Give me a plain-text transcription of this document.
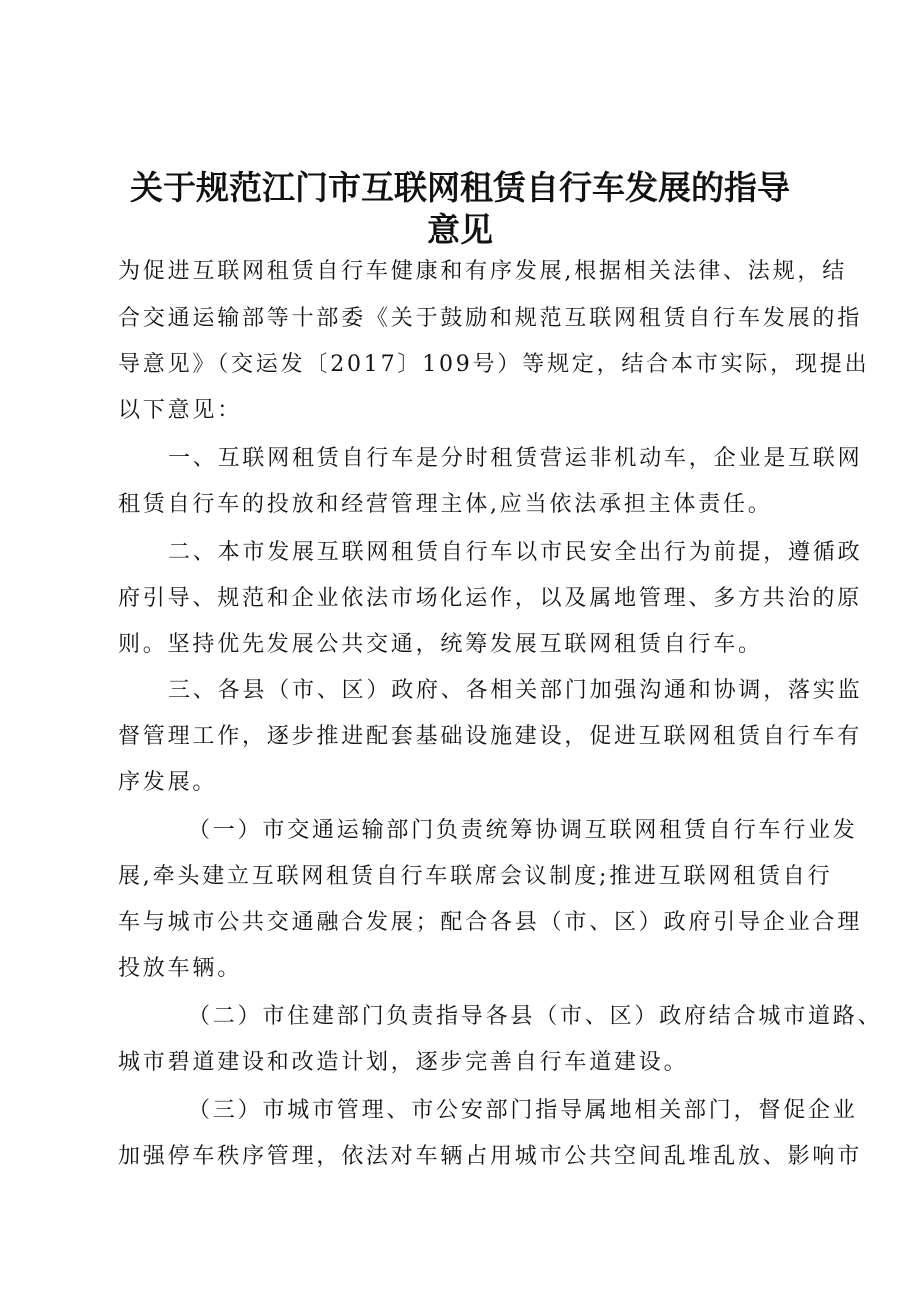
关于规范江门市互联网租赁自行车发展的指导
意见
为促进互联网租赁自行车健康和有序发展,根据相关法律、法规，结
合交通运输部等十部委《关于鼓励和规范互联网租赁自行车发展的指
导意见》（交运发〔2017〕109号）等规定，结合本市实际，现提出
以下意见：
一、互联网租赁自行车是分时租赁营运非机动车，企业是互联网
租赁自行车的投放和经营管理主体,应当依法承担主体责任。
二、本市发展互联网租赁自行车以市民安全出行为前提，遵循政
府引导、规范和企业依法市场化运作，以及属地管理、多方共治的原
则。坚持优先发展公共交通，统筹发展互联网租赁自行车。
三、各县（市、区）政府、各相关部门加强沟通和协调，落实监
督管理工作，逐步推进配套基础设施建设，促进互联网租赁自行车有
序发展。
（一）市交通运输部门负责统筹协调互联网租赁自行车行业发
展,牵头建立互联网租赁自行车联席会议制度;推进互联网租赁自行
车与城市公共交通融合发展；配合各县（市、区）政府引导企业合理
投放车辆。
（二）市住建部门负责指导各县（市、区）政府结合城市道路、
城市碧道建设和改造计划，逐步完善自行车道建设。
（三）市城市管理、市公安部门指导属地相关部门，督促企业
加强停车秩序管理，依法对车辆占用城市公共空间乱堆乱放、影响市
